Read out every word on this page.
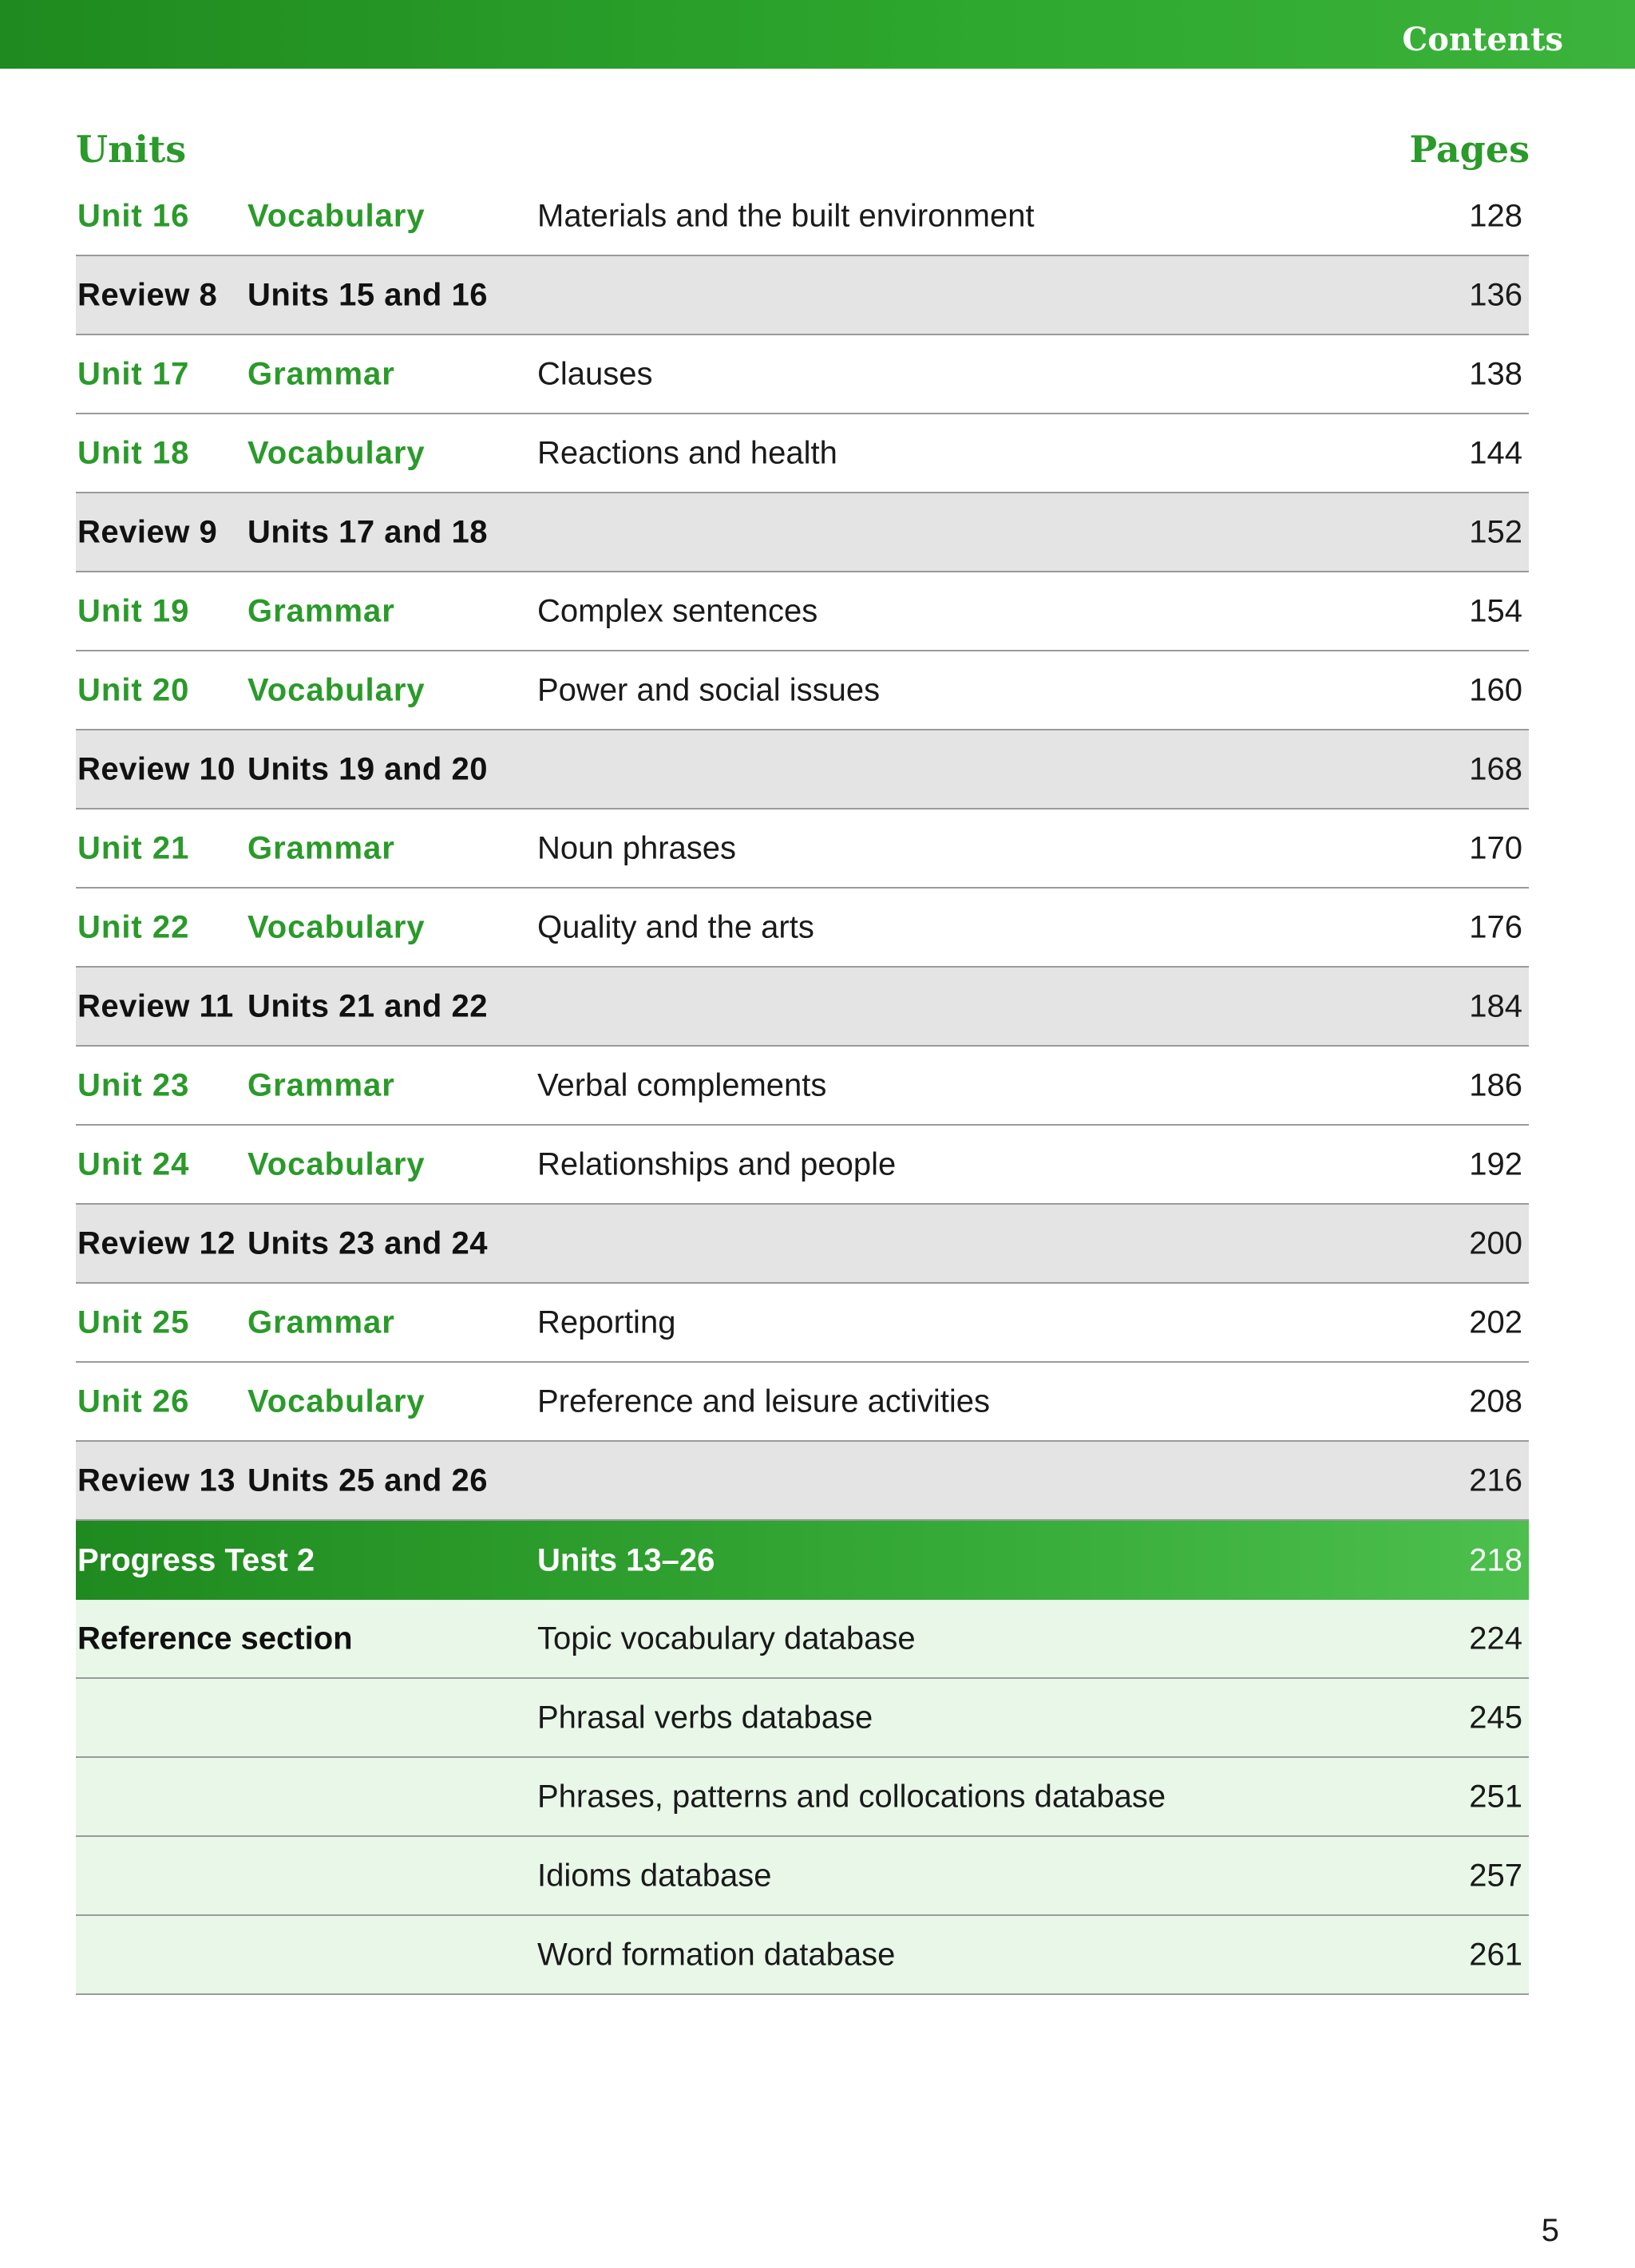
Contents
Units	Pages
Unit 16 Vocabulary	Materials and the built environment	128
Review 8 Units 15 and 16	136
Unit 17 Grammar	Clauses	138
Unit 18 Vocabulary	Reactions and health	144
Review 9 Units 17 and 18	152
Unit 19 Grammar	Complex sentences	154
Unit 20 Vocabulary	Power and social issues	160
Review 10 Units 19 and 20	168
Unit 21 Grammar	Noun phrases	170
Unit 22 Vocabulary	Quality and the arts	176
Review 11 Units 21 and 22	184
Unit 23 Grammar	Verbal complements	186
Unit 24 Vocabulary	Relationships and people	192
Review 12 Units 23 and 24	200
Unit 25 Grammar	Reporting	202
Unit 26 Vocabulary	Preference and leisure activities	208
Review 13 Units 25 and 26	216
Progress Test 2	Units 13–26	218
Reference section	Topic vocabulary database	224
Phrasal verbs database	245
Phrases, patterns and collocations database	251
Idioms database	257
Word formation database	261
5
